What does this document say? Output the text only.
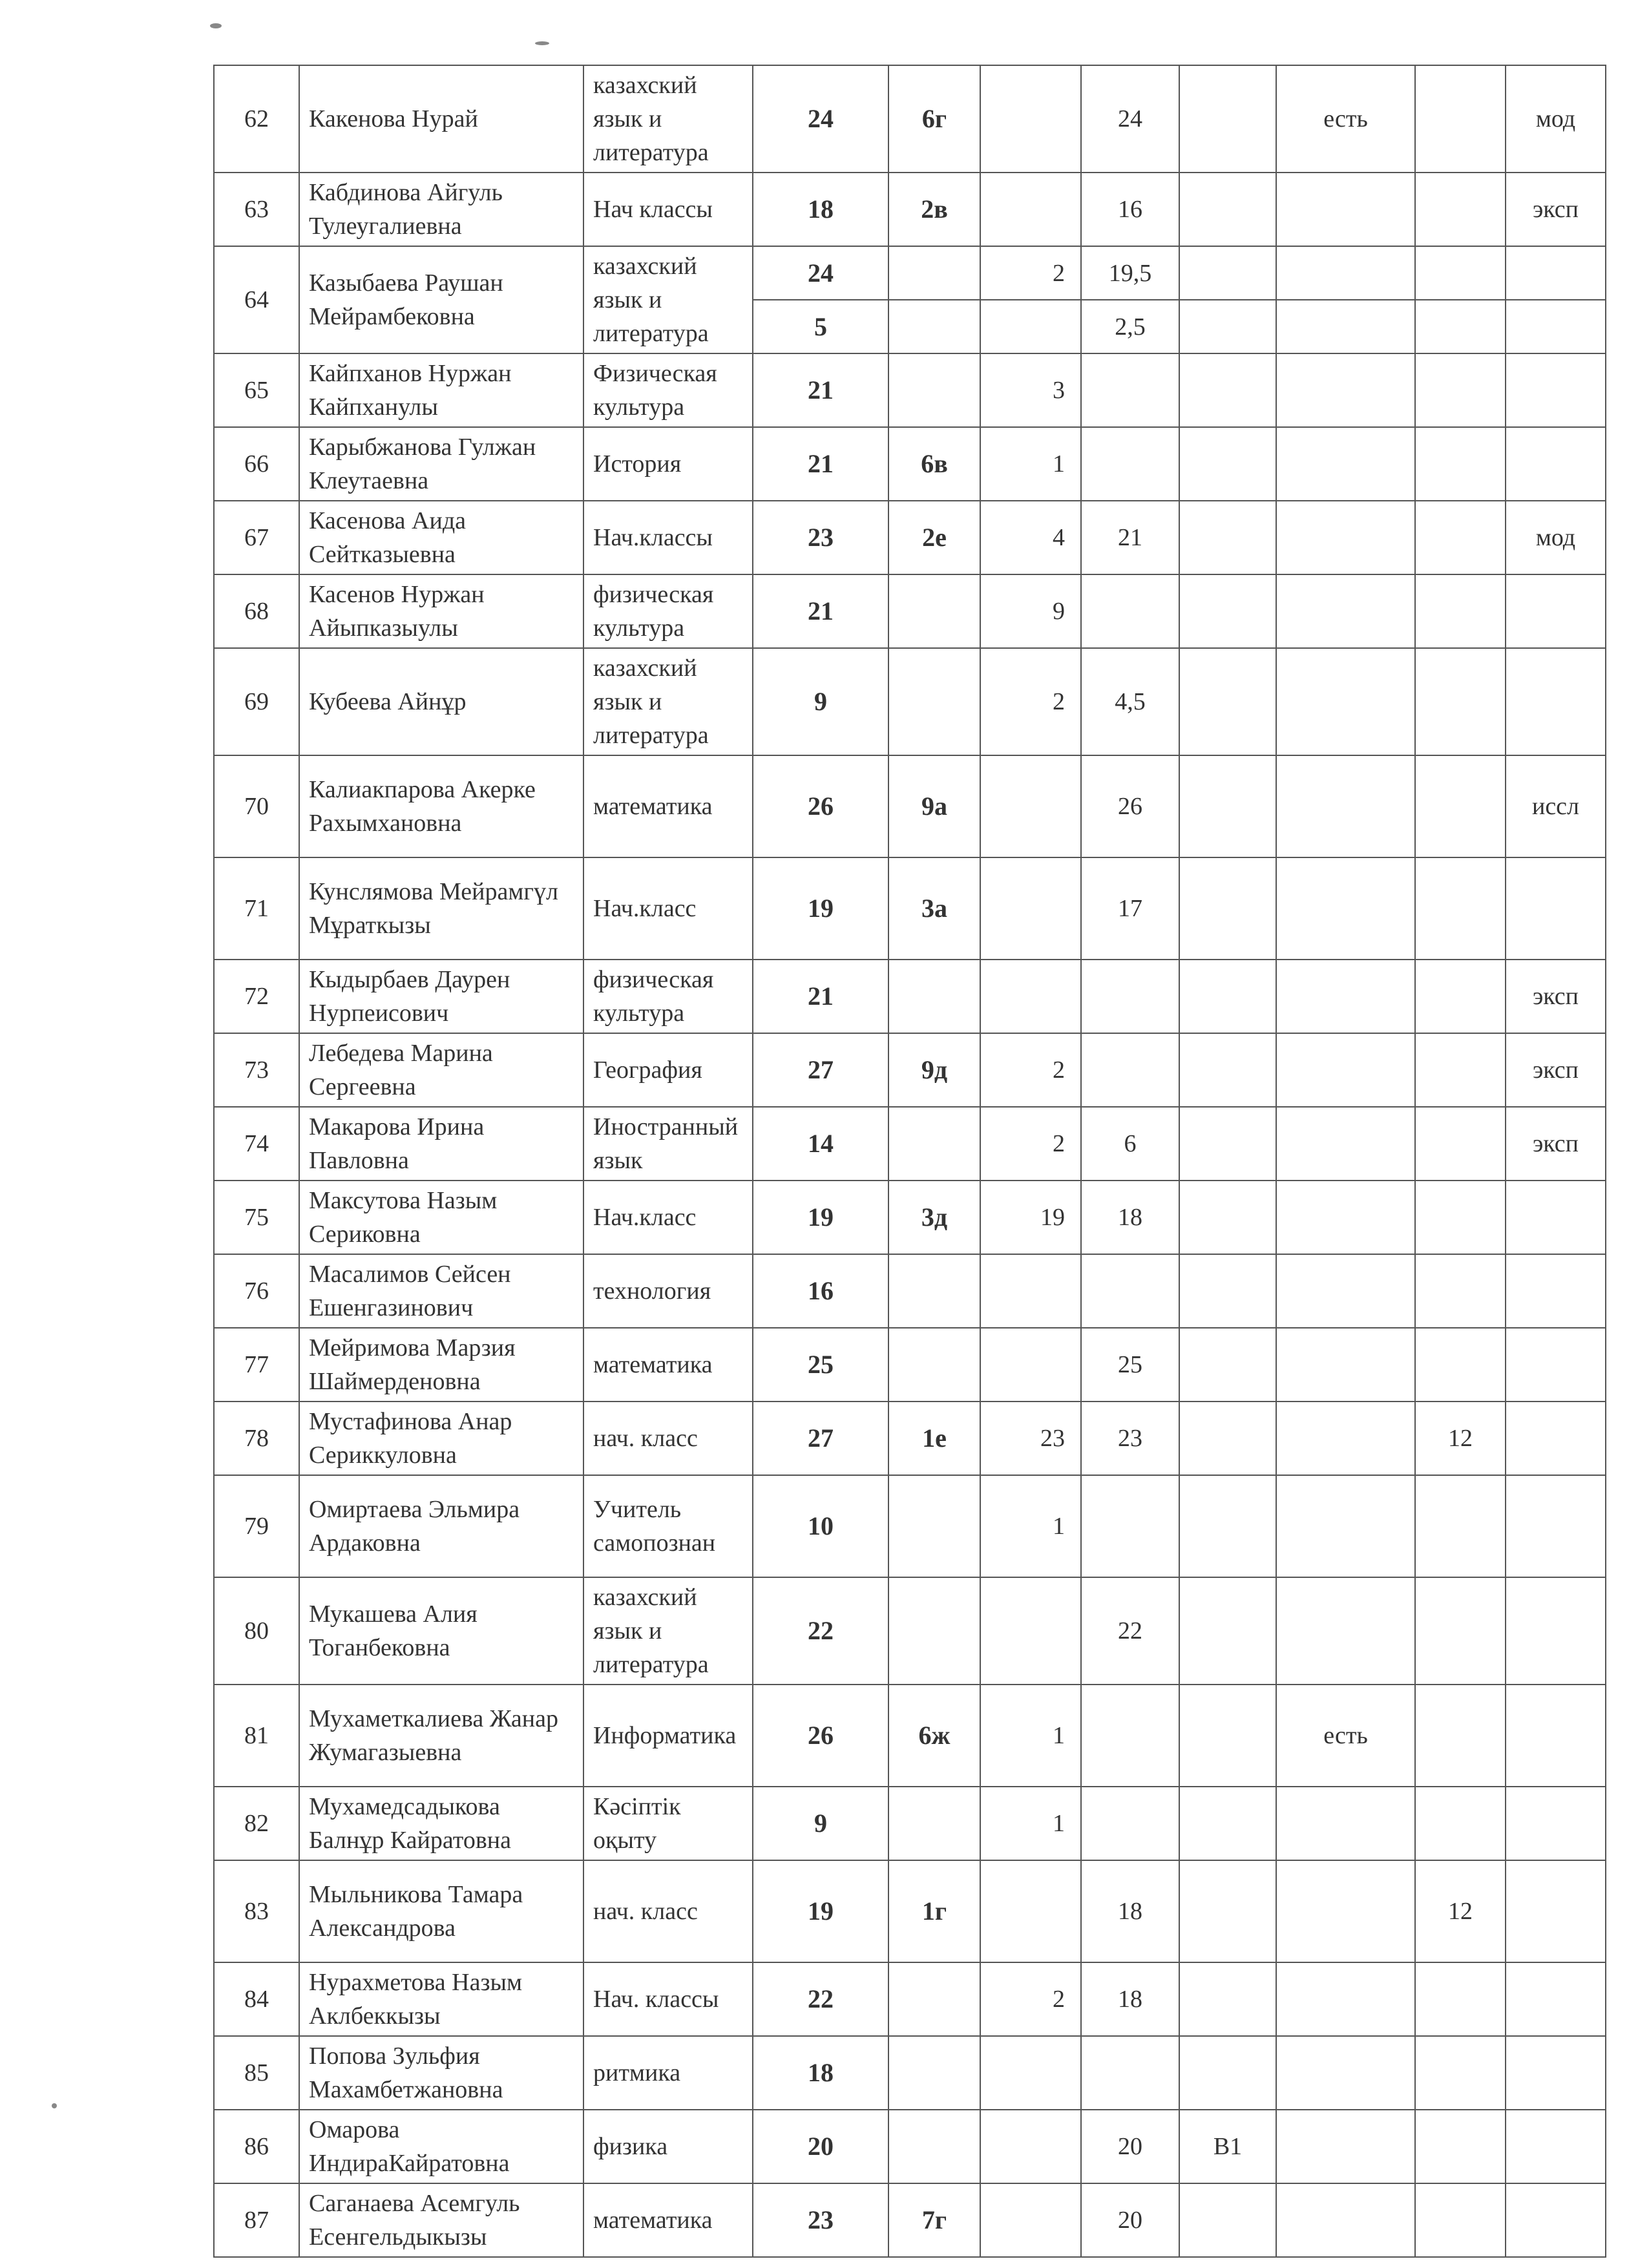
62	Какенова Нурай	казахский язык и литература	24	6г		24		есть		мод
63	Кабдинова Айгуль Тулеугалиевна	Нач классы	18	2в		16				эксп
64	Казыбаева Раушан Мейрамбековна	казахский язык и литература	24		2	19,5				
			5			2,5				
65	Кайпханов Нуржан Кайпханулы	Физическая культура	21		3					
66	Карыбжанова Гулжан Клеутаевна	История	21	6в	1					
67	Касенова Аида Сейтказыевна	Нач.классы	23	2е	4	21				мод
68	Касенов Нуржан Айыпказыулы	физическая культура	21		9					
69	Кубеева Айнұр	казахский язык и литература	9		2	4,5				
70	Калиакпарова Акерке Рахымхановна	математика	26	9а		26				иссл
71	Кунслямова Мейрамгүл Мұраткызы	Нач.класс	19	3а		17				
72	Кыдырбаев Даурен Нурпеисович	физическая культура	21							эксп
73	Лебедева Марина Сергеевна	География	27	9д	2					эксп
74	Макарова Ирина Павловна	Иностранный язык	14		2	6				эксп
75	Максутова Назым Сериковна	Нач.класс	19	3д	19	18				
76	Масалимов Сейсен Ешенгазинович	технология	16							
77	Мейримова Марзия Шаймерденовна	математика	25			25				
78	Мустафинова Анар Сериккуловна	нач. класс	27	1е	23	23			12	
79	Омиртаева Эльмира Ардаковна	Учитель самопознан	10		1					
80	Мукашева Алия Тоганбековна	казахский язык и литература	22			22				
81	Мухаметкалиева Жанар Жумагазыевна	Информатика	26	6ж	1			есть		
82	Мухамедсадыкова Балнұр Кайратовна	Кәсіптік оқыту	9		1					
83	Мыльникова Тамара Александрова	нач. класс	19	1г		18			12	
84	Нурахметова Назым Аклбеккызы	Нач. классы	22		2	18				
85	Попова Зульфия Махамбетжановна	ритмика	18							
86	Омарова ИндираКайратовна	физика	20			20	B1			
87	Саганаева Асемгуль Есенгельдыкызы	математика	23	7г		20				
